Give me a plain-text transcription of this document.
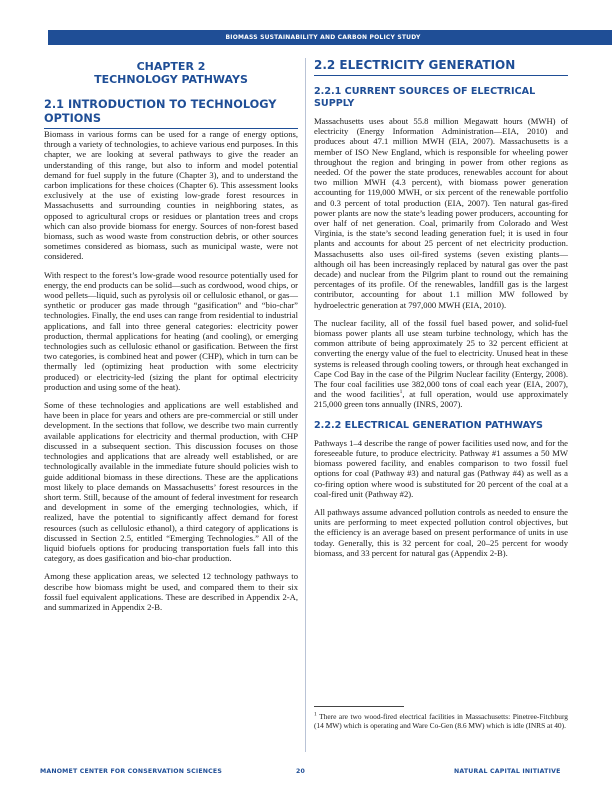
BIOMASS SUSTAINABILITY AND CARBON POLICY STUDY

CHAPTER 2

TECHNOLOGY PATHWAYS

2.1 INTRODUCTION TO TECHNOLOGY OPTIONS

Biomass in various forms can be used for a range of energy options, through a variety of technologies, to achieve various end purposes. In this chapter, we are looking at several pathways to give the reader an understanding of this range, but also to inform and model potential demand for fuel supply in the future (Chapter 3), and to understand the carbon implications for these choices (Chapter 6). This assessment looks exclusively at the use of existing low-grade forest resources in Massachusetts and surrounding counties in neighboring states, as opposed to agricultural crops or residues or plantation trees and crops which can also provide biomass for energy. Sources of non-forest based biomass, such as wood waste from construction debris, or other sources sometimes considered as biomass, such as municipal waste, were not considered.

With respect to the forest’s low-grade wood resource potentially used for energy, the end products can be solid—such as cordwood, wood chips, or wood pellets—liquid, such as pyrolysis oil or cellulosic ethanol, or gas—synthetic or producer gas made through “gasification” and “bio-char” technologies. Finally, the end uses can range from residential to industrial applications, and fall into three general categories: electricity power production, thermal applications for heating (and cooling), or emerging technologies such as cellulosic ethanol or gasification. Between the first two categories, is combined heat and power (CHP), which in turn can be thermally led (optimizing heat production with some electricity produced) or electricity-led (sizing the plant for optimal electricity production and using some of the heat).

Some of these technologies and applications are well established and have been in place for years and others are pre-commercial or still under development. In the sections that follow, we describe two main currently available applications for electricity and thermal production, with CHP discussed in a subsequent section. This discussion focuses on those technologies and applications that are already well established, or are technologically available in the immediate future should policies wish to guide additional biomass in these directions. These are the applications most likely to place demands on Massachusetts’ forest resources in the short term. Still, because of the amount of federal investment for research and development in some of the emerging technologies, which, if realized, have the potential to significantly affect demand for forest resources (such as cellulosic ethanol), a third category of applications is discussed in Section 2.5, entitled “Emerging Technologies.” All of the liquid biofuels options for producing transportation fuels fall into this category, as does gasification and bio-char production.

Among these application areas, we selected 12 technology pathways to describe how biomass might be used, and compared them to their six fossil fuel equivalent applications. These are described in Appendix 2-A, and summarized in Appendix 2-B.

2.2 ELECTRICITY GENERATION

2.2.1 CURRENT SOURCES OF ELECTRICAL SUPPLY

Massachusetts uses about 55.8 million Megawatt hours (MWH) of electricity (Energy Information Administration—EIA, 2010) and produces about 47.1 million MWH (EIA, 2007). Massachusetts is a member of ISO New England, which is responsible for wheeling power throughout the region and bringing in power from other regions as needed. Of the power the state produces, renewables account for about two million MWH (4.3 percent), with biomass power generation accounting for 119,000 MWH, or six percent of the renewable portfolio and 0.3 percent of total production (EIA, 2007). Ten natural gas-fired power plants are now the state’s leading power producers, accounting for over half of net generation. Coal, primarily from Colorado and West Virginia, is the state’s second leading generation fuel; it is used in four plants and accounts for about 25 percent of net electricity production. Massachusetts also uses oil-fired systems (seven existing plants—although oil has been increasingly replaced by natural gas over the past decade) and nuclear from the Pilgrim plant to round out the remaining percentages of its profile. Of the renewables, landfill gas is the largest contributor, accounting for about 1.1 million MW followed by hydroelectric generation at 797,000 MWH (EIA, 2010).

The nuclear facility, all of the fossil fuel based power, and solid-fuel biomass power plants all use steam turbine technology, which has the common attribute of being approximately 25 to 32 percent efficient at converting the energy value of the fuel to electricity. Unused heat in these systems is released through cooling towers, or through heat exchanged in Cape Cod Bay in the case of the Pilgrim Nuclear facility (Entergy, 2008). The four coal facilities use 382,000 tons of coal each year (EIA, 2007), and the wood facilities$^1$, at full operation, would use approximately 215,000 green tons annually (INRS, 2007).

2.2.2 ELECTRICAL GENERATION PATHWAYS

Pathways 1–4 describe the range of power facilities used now, and for the foreseeable future, to produce electricity. Pathway #1 assumes a 50 MW biomass powered facility, and enables comparison to two fossil fuel options for coal (Pathway #3) and natural gas (Pathway #4) as well as a co-firing option where wood is substituted for 20 percent of the coal at a coal-fired unit (Pathway #2).

All pathways assume advanced pollution controls as needed to ensure the units are performing to meet expected pollution control objectives, but the efficiency is an average based on present performance of units in use today. Generally, this is 32 percent for coal, 20–25 percent for woody biomass, and 33 percent for natural gas (Appendix 2-B).

$^1$ There are two wood-fired electrical facilities in Massachusetts: Pinetree-Fitchburg (14 MW) which is operating and Ware Co-Gen (8.6 MW) which is idle (INRS at 40).

MANOMET CENTER FOR CONSERVATION SCIENCES	20	NATURAL CAPITAL INITIATIVE
